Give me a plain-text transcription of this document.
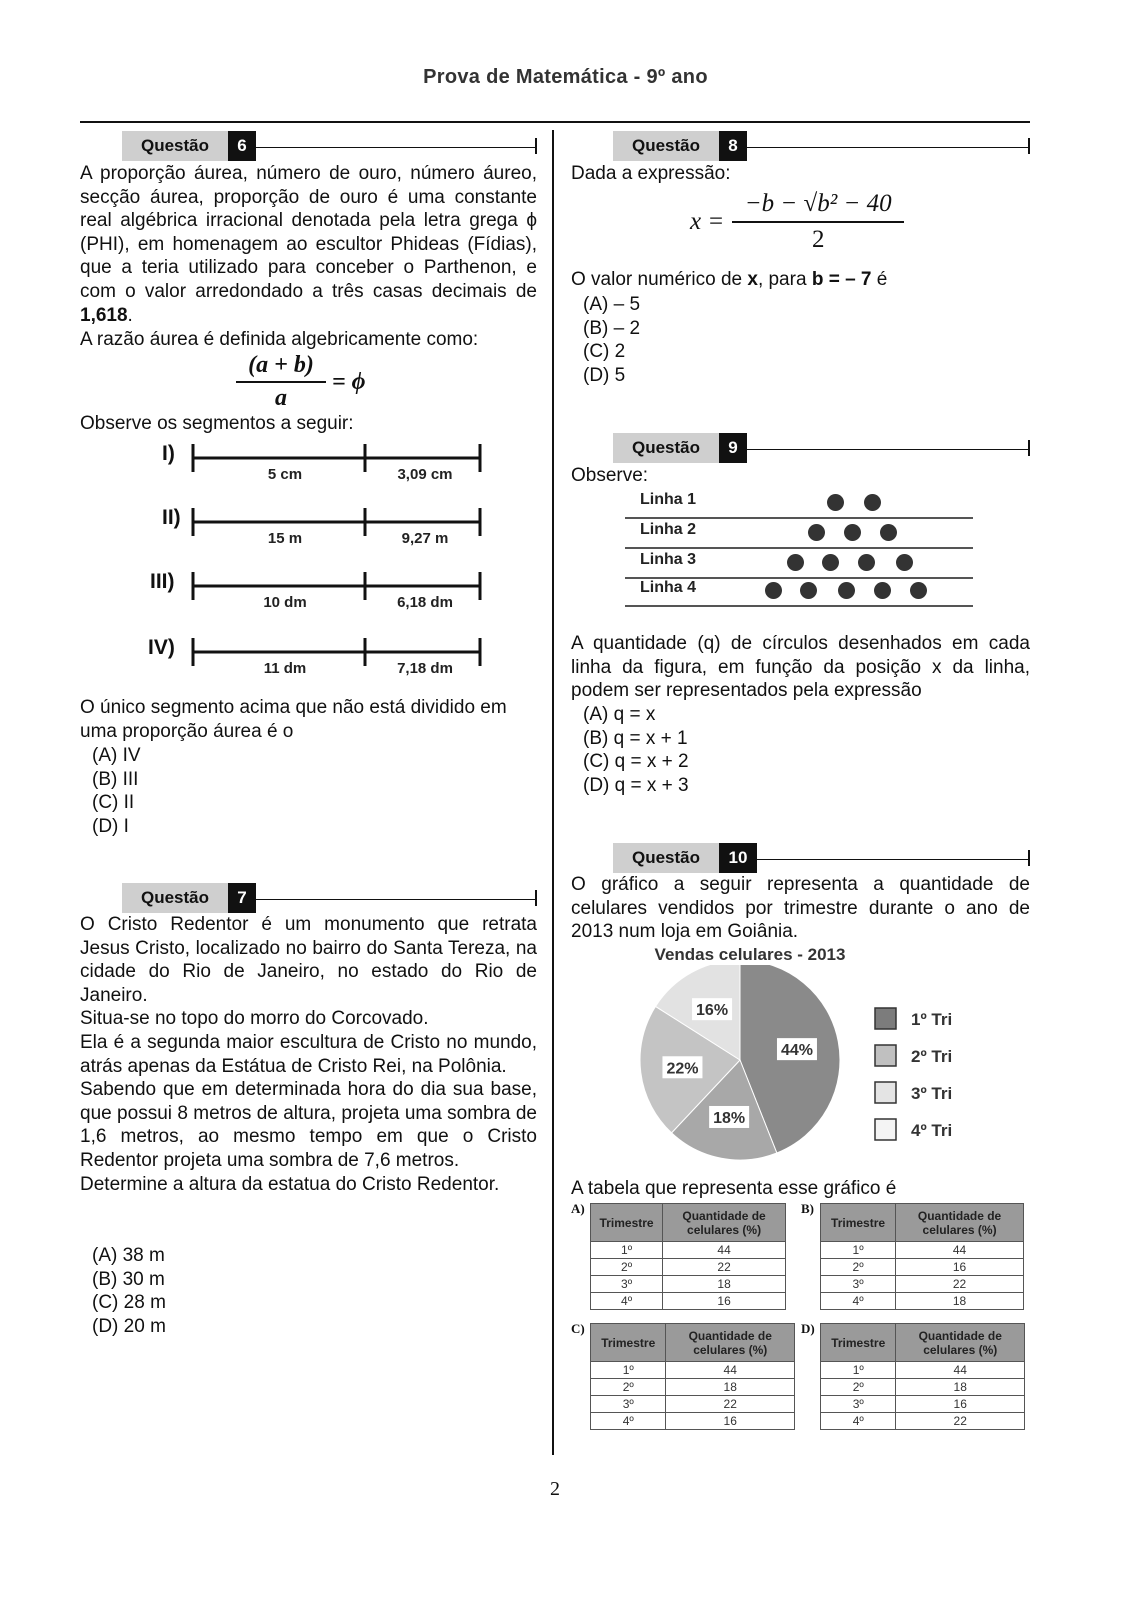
Prova de Matemática - 9º ano
Questão	6
A proporção áurea, número de ouro, número áureo, secção áurea, proporção de ouro é uma constante real algébrica irracional denotada pela letra grega ϕ (PHI), em homenagem ao escultor Phideas (Fídias), que a teria utilizado para conceber o Parthenon, e com o valor arredondado a três casas decimais de 1,618.
A razão áurea é definida algebricamente como:
(a + b)
a
= ϕ
Observe os segmentos a seguir:
I)
5 cm	3,09 cm
II)
15 m	9,27 m
III)
10 dm	6,18 dm
IV)
11 dm	7,18 dm
O único segmento acima que não está dividido em uma proporção áurea é o
(A) IV
(B) III
(C) II
(D) I
Questão	7
O Cristo Redentor é um monumento que retrata Jesus Cristo, localizado no bairro do Santa Tereza, na cidade do Rio de Janeiro, no estado do Rio de Janeiro.
Situa-se no topo do morro do Corcovado.
Ela é a segunda maior escultura de Cristo no mundo, atrás apenas da Estátua de Cristo Rei, na Polônia.
Sabendo que em determinada hora do dia sua base, que possui 8 metros de altura, projeta uma sombra de 1,6 metros, ao mesmo tempo em que o Cristo Redentor projeta uma sombra de 7,6 metros.
Determine a altura da estatua do Cristo Redentor.
(A) 38 m
(B) 30 m
(C) 28 m
(D) 20 m
Questão	8
Dada a expressão:
x =
−b − √b² − 40
2
O valor numérico de x, para b = – 7 é
(A) – 5
(B) – 2
(C) 2
(D) 5
Questão	9
Observe:
Linha 1
Linha 2
Linha 3
Linha 4
A quantidade (q) de círculos desenhados em cada linha da figura, em função da posição x da linha, podem ser representados pela expressão
(A) q = x
(B) q = x + 1
(C) q = x + 2
(D) q = x + 3
Questão	10
O gráfico a seguir representa a quantidade de celulares vendidos por trimestre durante o ano de 2013 num loja em Goiânia.
Vendas celulares - 2013
44%
18%
22%
16%	1º Tri
2º Tri
3º Tri
4º Tri
A tabela que representa esse gráfico é
A)
Trimestre	Quantidade de celulares (%)
1º	44
2º	22
3º	18
4º	16
B)
Trimestre	Quantidade de celulares (%)
1º	44
2º	16
3º	22
4º	18
C)
Trimestre	Quantidade de celulares (%)
1º	44
2º	18
3º	22
4º	16
D)
Trimestre	Quantidade de celulares (%)
1º	44
2º	18
3º	16
4º	22
2
